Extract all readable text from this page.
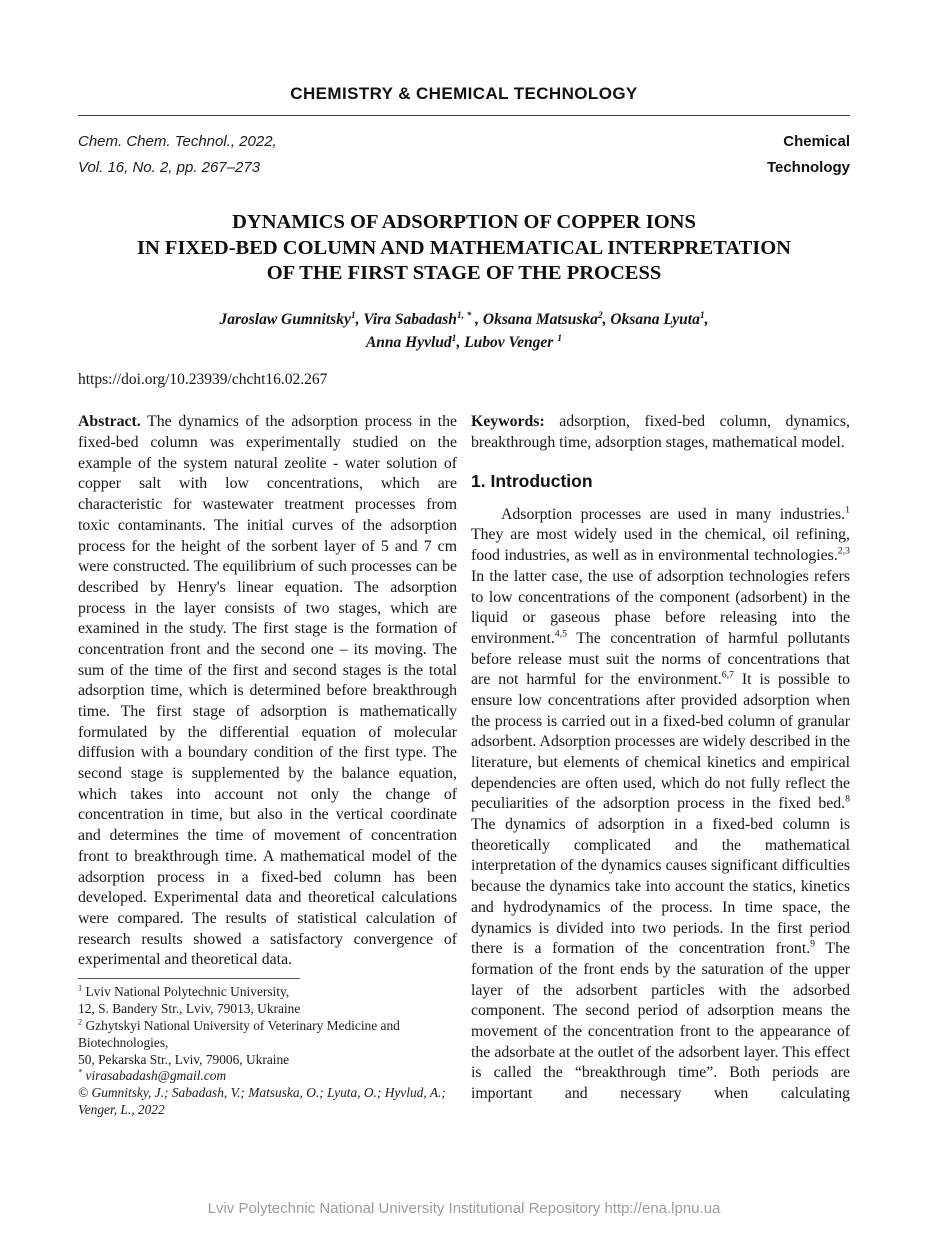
CHEMISTRY & CHEMICAL TECHNOLOGY
Chem. Chem. Technol., 2022,
Vol. 16, No. 2, pp. 267–273
Chemical
Technology
DYNAMICS OF ADSORPTION OF COPPER IONS
IN FIXED-BED COLUMN AND MATHEMATICAL INTERPRETATION
OF THE FIRST STAGE OF THE PROCESS
Jaroslaw Gumnitsky$^1$, Vira Sabadash$^{1, *}$ , Oksana Matsuska$^2$, Oksana Lyuta$^1$,
Anna Hyvlud$^1$, Lubov Venger $^1$
https://doi.org/10.23939/chcht16.02.267

Abstract. The dynamics of the adsorption process in the fixed-bed column was experimentally studied on the example of the system natural zeolite - water solution of copper salt with low concentrations, which are characteristic for wastewater treatment processes from toxic contaminants. The initial curves of the adsorption process for the height of the sorbent layer of 5 and 7 cm were constructed. The equilibrium of such processes can be described by Henry's linear equation. The adsorption process in the layer consists of two stages, which are examined in the study. The first stage is the formation of concentration front and the second one – its moving. The sum of the time of the first and second stages is the total adsorption time, which is determined before breakthrough time. The first stage of adsorption is mathematically formulated by the differential equation of molecular diffusion with a boundary condition of the first type. The second stage is supplemented by the balance equation, which takes into account not only the change of concentration in time, but also in the vertical coordinate and determines the time of movement of concentration front to breakthrough time. A mathematical model of the adsorption process in a fixed-bed column has been developed. Experimental data and theoretical calculations were compared. The results of statistical calculation of research results showed a satisfactory convergence of experimental and theoretical data.

$^1$ Lviv National Polytechnic University,

12, S. Bandery Str., Lviv, 79013, Ukraine

$^2$ Gzhytskyi National University of Veterinary Medicine and Biotechnologies,

50, Pekarska Str., Lviv, 79006, Ukraine

* virasabadash@gmail.com

© Gumnitsky, J.; Sabadash, V.; Matsuska, O.; Lyuta, O.; Hyvlud, A.; Venger, L., 2022

Keywords: adsorption, fixed-bed column, dynamics, breakthrough time, adsorption stages, mathematical model.

1. Introduction

Adsorption processes are used in many industries.$^1$ They are most widely used in the chemical, oil refining, food industries, as well as in environmental technologies.$^{2,3}$ In the latter case, the use of adsorption technologies refers to low concentrations of the component (adsorbent) in the liquid or gaseous phase before releasing into the environment.$^{4,5}$ The concentration of harmful pollutants before release must suit the norms of concentrations that are not harmful for the environment.$^{6,7}$ It is possible to ensure low concentrations after provided adsorption when the process is carried out in a fixed-bed column of granular adsorbent. Adsorption processes are widely described in the literature, but elements of chemical kinetics and empirical dependencies are often used, which do not fully reflect the peculiarities of the adsorption process in the fixed bed.$^8$ The dynamics of adsorption in a fixed-bed column is theoretically complicated and the mathematical interpretation of the dynamics causes significant difficulties because the dynamics take into account the statics, kinetics and hydrodynamics of the process. In time space, the dynamics is divided into two periods. In the first period there is a formation of the concentration front.$^9$ The formation of the front ends by the saturation of the upper layer of the adsorbent particles with the adsorbed component. The second period of adsorption means the movement of the concentration front to the appearance of the adsorbate at the outlet of the adsorbent layer. This effect is called the “breakthrough time”. Both periods are important and necessary when calculating

Lviv Polytechnic National University Institutional Repository http://ena.lpnu.ua
